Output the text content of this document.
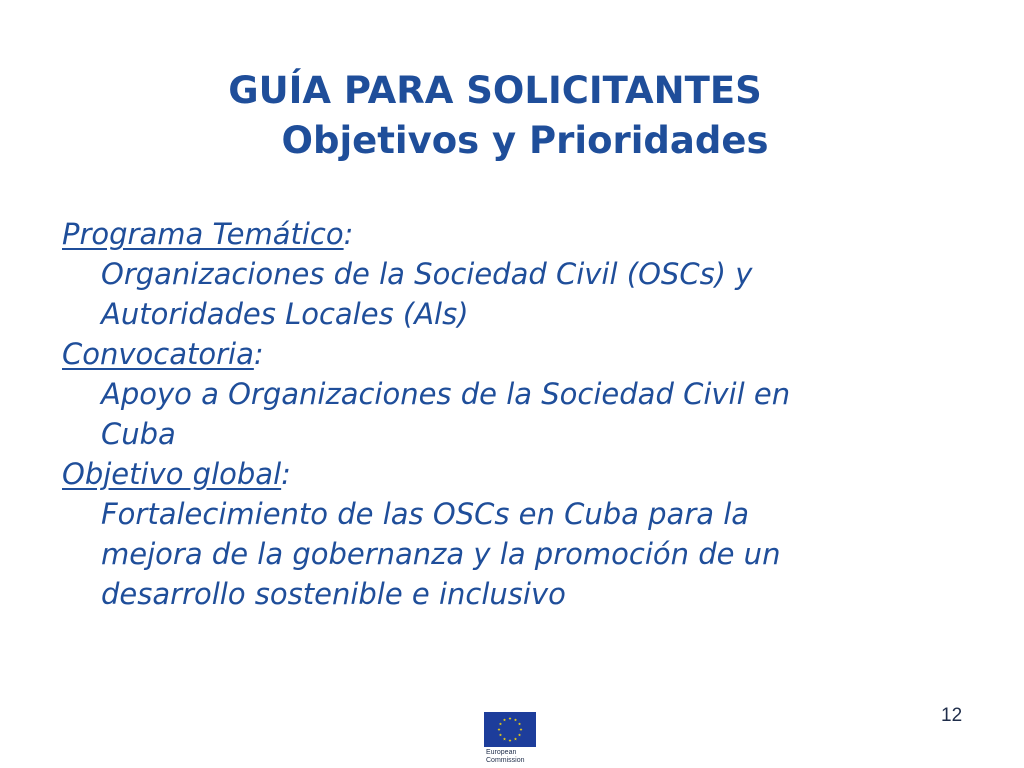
GUÍA PARA SOLICITANTES
Objetivos y Prioridades

Programa Temático:

Organizaciones de la Sociedad Civil (OSCs) y
Autoridades Locales (Als)

Convocatoria:

Apoyo a Organizaciones de la Sociedad Civil en
Cuba

Objetivo global:

Fortalecimiento de las OSCs en Cuba para la
mejora de la gobernanza y la promoción de un
desarrollo sostenible e inclusivo

12
European
Commission
